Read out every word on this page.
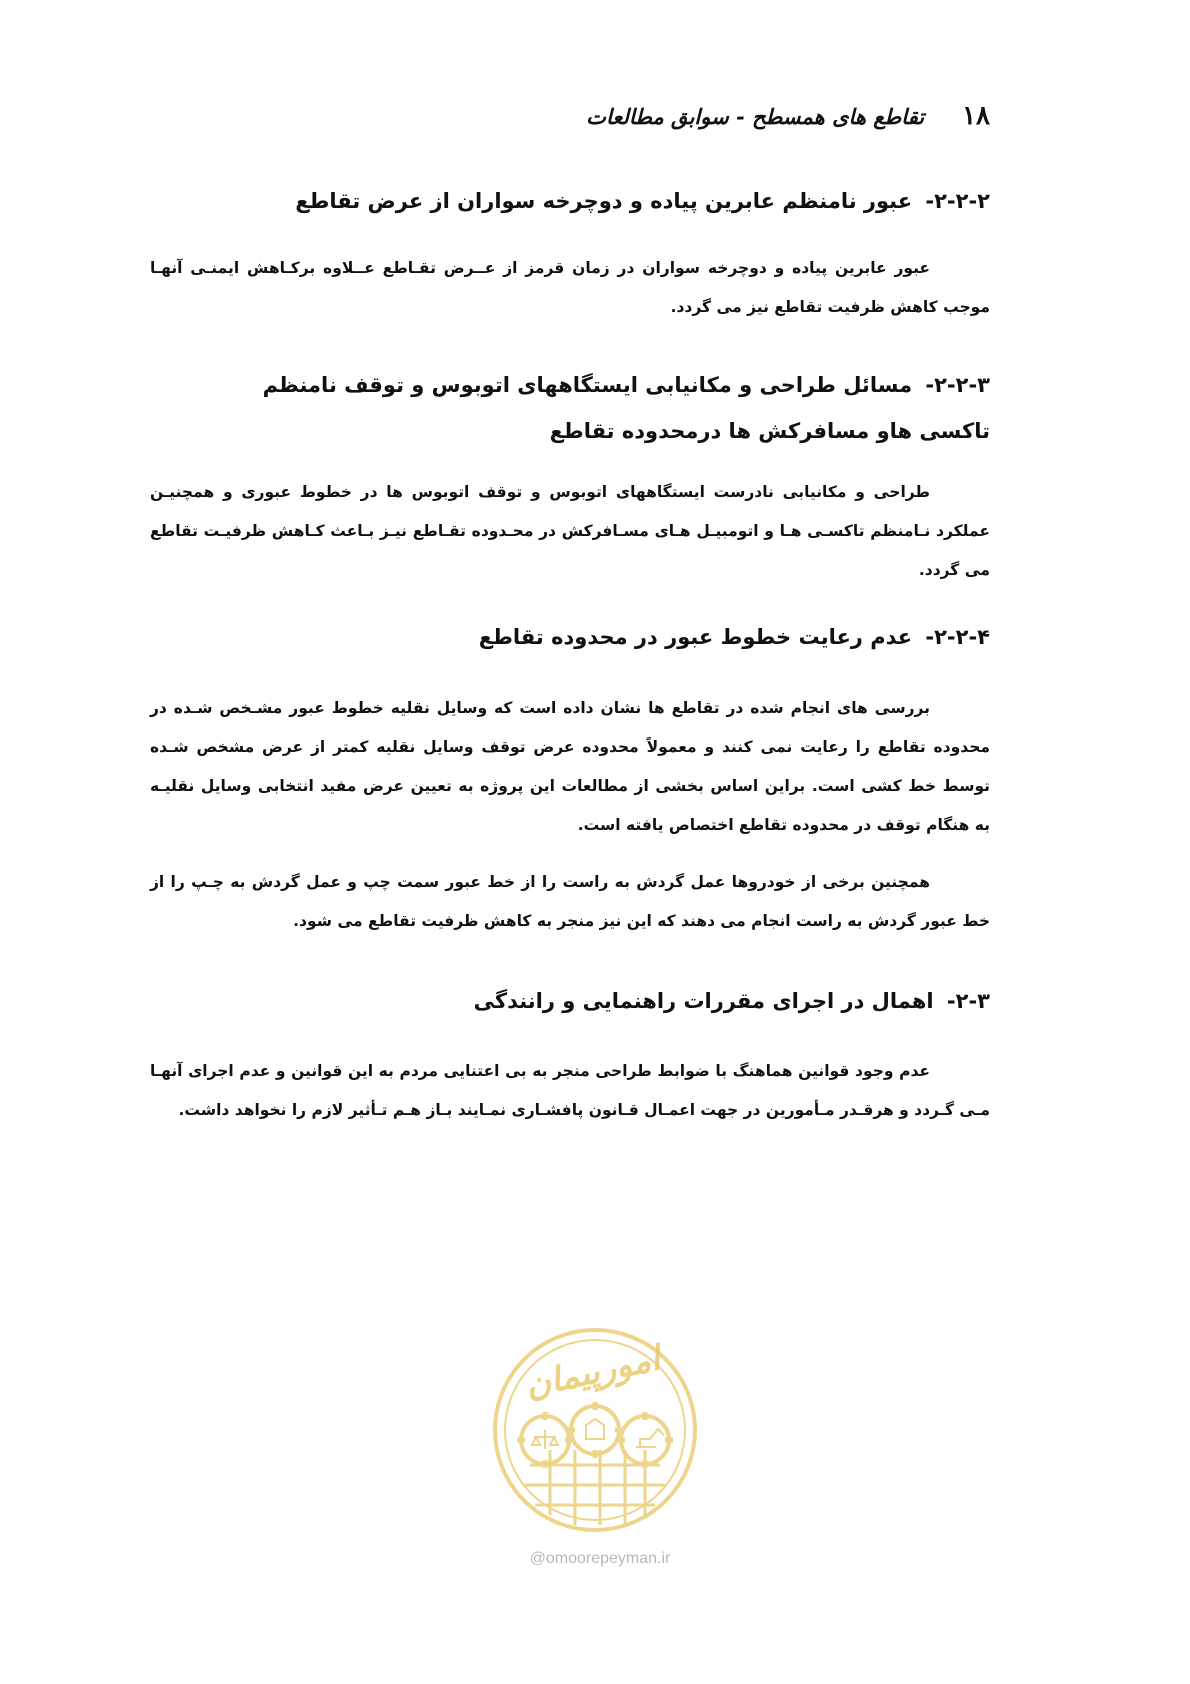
۱۸
تقاطع های همسطح - سوابق مطالعات
۲-۲-۲- عبور نامنظم عابرین پیاده و دوچرخه سواران از عرض تقاطع

عبور عابرین پیاده و دوچرخه سواران در زمان قرمز از عــرض تقـاطع عــلاوه برکـاهش ایمنـی آنهـا موجب کاهش ظرفیت تقاطع نیز می گردد.

۲-۲-۳- مسائل طراحی و مکانیابی ایستگاههای اتوبوس و توقف نامنظم تاکسی هاو مسافرکش ها درمحدوده تقاطع

طراحی و مکانیابی نادرست ایستگاههای اتوبوس و توقف اتوبوس ها در خطوط عبوری و همچنیـن عملکرد نـامنظم تاکسـی هـا و اتومبیـل هـای مسـافرکش در محـدوده تقـاطع نیـز بـاعث کـاهش ظرفیـت تقاطع می گردد.

۲-۲-۴- عدم رعایت خطوط عبور در محدوده تقاطع

بررسی های انجام شده در تقاطع ها نشان داده است که وسایل نقلیه خطوط عبور مشـخص شـده در محدوده تقاطع را رعایت نمی کنند و معمولاً محدوده عرض توقف وسایل نقلیه کمتر از عرض مشخص شـده توسط خط کشی است. براین اساس بخشی از مطالعات این پروژه به تعیین عرض مفید انتخابی وسایل نقلیـه به هنگام توقف در محدوده تقاطع اختصاص یافته است.

همچنین برخی از خودروها عمل گردش به راست را از خط عبور سمت چپ و عمل گردش به چـپ را از خط عبور گردش به راست انجام می دهند که این نیز منجر به کاهش ظرفیت تقاطع می شود.

۲-۳- اهمال در اجرای مقررات راهنمایی و رانندگی

عدم وجود قوانین هماهنگ با ضوابط طراحی منجر به بی اعتنایی مردم به این قوانین و عدم اجرای آنهـا مـی گـردد و هرقـدر مـأمورین در جهت اعمـال قـانون پافشـاری نمـایند بـاز هـم تـأثیر لازم را نخواهد داشت.

امورپیمان
@omoorepeyman.ir
